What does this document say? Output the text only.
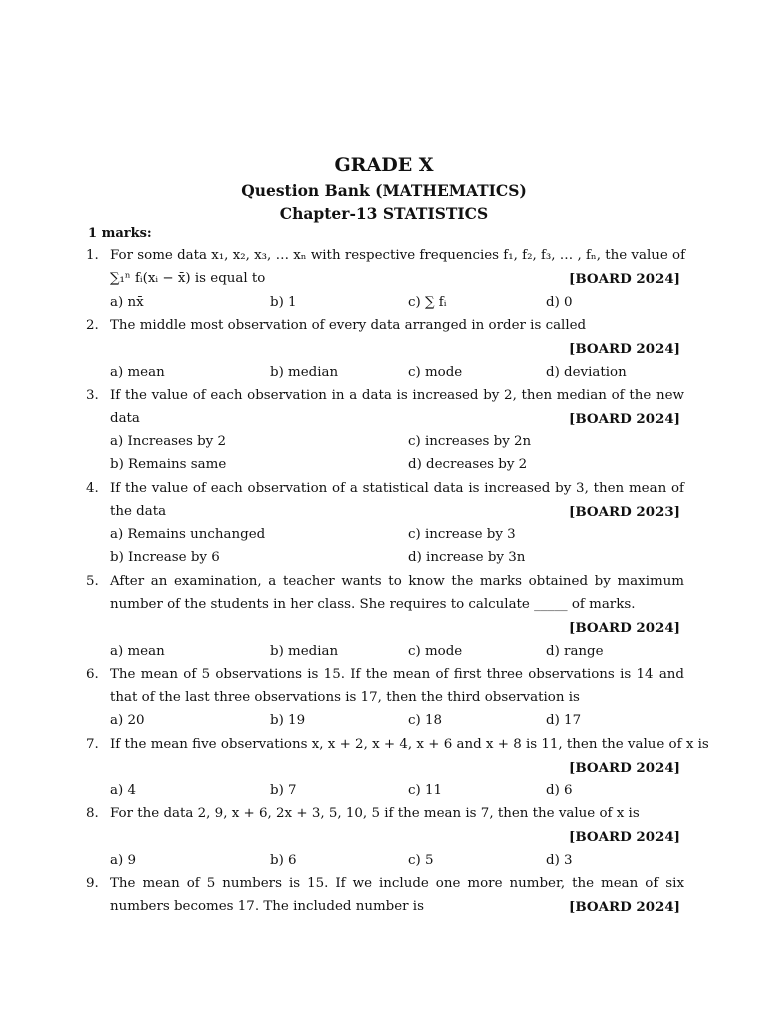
GRADE X
Question Bank (MATHEMATICS)
Chapter-13 STATISTICS
1 marks:
1. For some data x₁, x₂, x₃, … xₙ with respective frequencies f₁, f₂, f₃, … , fₙ, the value of
∑₁ⁿ fᵢ(xᵢ − x̄) is equal to	[BOARD 2024]
a) nx̄	b) 1	c) ∑ fᵢ	d) 0
2. The middle most observation of every data arranged in order is called
[BOARD 2024]
a) mean	b) median	c) mode	d) deviation
3. If the value of each observation in a data is increased by 2, then median of the new
data	[BOARD 2024]
a) Increases by 2	c) increases by 2n
b) Remains same	d) decreases by 2
4. If the value of each observation of a statistical data is increased by 3, then mean of
the data	[BOARD 2023]
a) Remains unchanged	c) increase by 3
b) Increase by 6	d) increase by 3n
5. After an examination, a teacher wants to know the marks obtained by maximum
number of the students in her class. She requires to calculate _____ of marks.
[BOARD 2024]
a) mean	b) median	c) mode	d) range
6. The mean of 5 observations is 15. If the mean of first three observations is 14 and
that of the last three observations is 17, then the third observation is
a) 20	b) 19	c) 18	d) 17
7. If the mean five observations x, x + 2, x + 4, x + 6 and x + 8 is 11, then the value of x is
[BOARD 2024]
a) 4	b) 7	c) 11	d) 6
8. For the data 2, 9, x + 6, 2x + 3, 5, 10, 5 if the mean is 7, then the value of x is
[BOARD 2024]
a) 9	b) 6	c) 5	d) 3
9. The mean of 5 numbers is 15. If we include one more number, the mean of six
numbers becomes 17. The included number is	[BOARD 2024]
